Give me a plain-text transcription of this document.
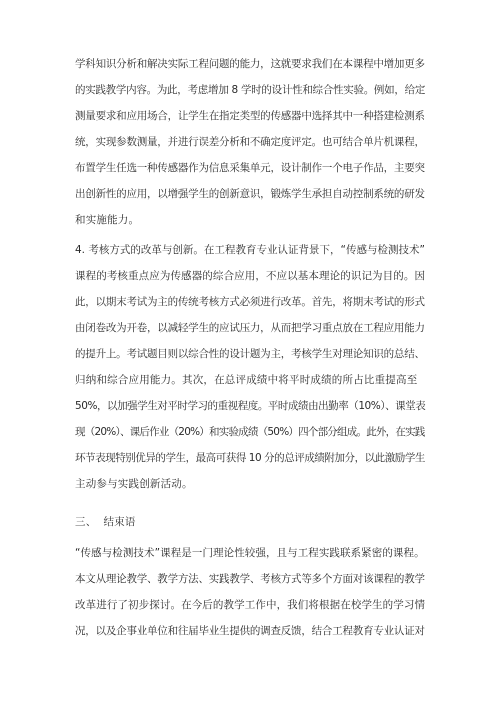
学科知识分析和解决实际工程问题的能力，这就要求我们在本课程中增加更多
的实践教学内容。为此，考虑增加 8 学时的设计性和综合性实验。例如，给定
测量要求和应用场合，让学生在指定类型的传感器中选择其中一种搭建检测系
统，实现参数测量，并进行误差分析和不确定度评定。也可结合单片机课程，
布置学生任选一种传感器作为信息采集单元，设计制作一个电子作品，主要突
出创新性的应用，以增强学生的创新意识，锻炼学生承担自动控制系统的研发
和实施能力。
4. 考核方式的改革与创新。在工程教育专业认证背景下，“传感与检测技术”
课程的考核重点应为传感器的综合应用，不应以基本理论的识记为目的。因
此，以期末考试为主的传统考核方式必须进行改革。首先，将期末考试的形式
由闭卷改为开卷，以减轻学生的应试压力，从而把学习重点放在工程应用能力
的提升上。考试题目则以综合性的设计题为主，考核学生对理论知识的总结、
归纳和综合应用能力。其次，在总评成绩中将平时成绩的所占比重提高至
50%，以加强学生对平时学习的重视程度。平时成绩由出勤率（10%）、课堂表
现（20%）、课后作业（20%）和实验成绩（50%）四个部分组成。此外，在实践
环节表现特别优异的学生，最高可获得 10 分的总评成绩附加分，以此激励学生
主动参与实践创新活动。
三、  结束语
“传感与检测技术”课程是一门理论性较强，且与工程实践联系紧密的课程。
本文从理论教学、教学方法、实践教学、考核方式等多个方面对该课程的教学
改革进行了初步探讨。在今后的教学工作中，我们将根据在校学生的学习情
况，以及企事业单位和往届毕业生提供的调查反馈，结合工程教育专业认证对
